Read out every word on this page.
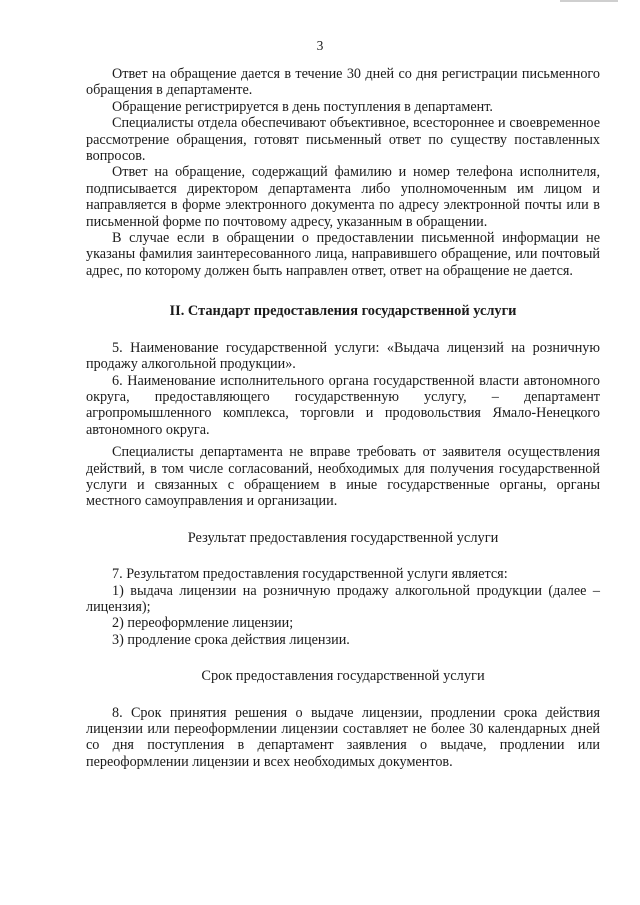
3

Ответ на обращение дается в течение 30 дней со дня регистрации письменного обращения в департаменте.

Обращение регистрируется в день поступления в департамент.

Специалисты отдела обеспечивают объективное, всестороннее и своевременное рассмотрение обращения, готовят письменный ответ по существу поставленных вопросов.

Ответ на обращение, содержащий фамилию и номер телефона исполнителя, подписывается директором департамента либо уполномоченным им лицом и направляется в форме электронного документа по адресу электронной почты или в письменной форме по почтовому адресу, указанным в обращении.

В случае если в обращении о предоставлении письменной информации не указаны фамилия заинтересованного лица, направившего обращение, или почтовый адрес, по которому должен быть направлен ответ, ответ на обращение не дается.

II. Стандарт предоставления государственной услуги

5. Наименование государственной услуги: «Выдача лицензий на розничную продажу алкогольной продукции».

6. Наименование исполнительного органа государственной власти автономного округа, предоставляющего государственную услугу, – департамент агропромышленного комплекса, торговли и продовольствия Ямало-Ненецкого автономного округа.

Специалисты департамента не вправе требовать от заявителя осуществления действий, в том числе согласований, необходимых для получения государственной услуги и связанных с обращением в иные государственные органы, органы местного самоуправления и организации.

Результат предоставления государственной услуги

7. Результатом предоставления государственной услуги является:

1) выдача лицензии на розничную продажу алкогольной продукции (далее – лицензия);

2) переоформление лицензии;

3) продление срока действия лицензии.

Срок предоставления государственной услуги

8. Срок принятия решения о выдаче лицензии, продлении срока действия лицензии или переоформлении лицензии составляет не более 30 календарных дней со дня поступления в департамент заявления о выдаче, продлении или переоформлении лицензии и всех необходимых документов.
